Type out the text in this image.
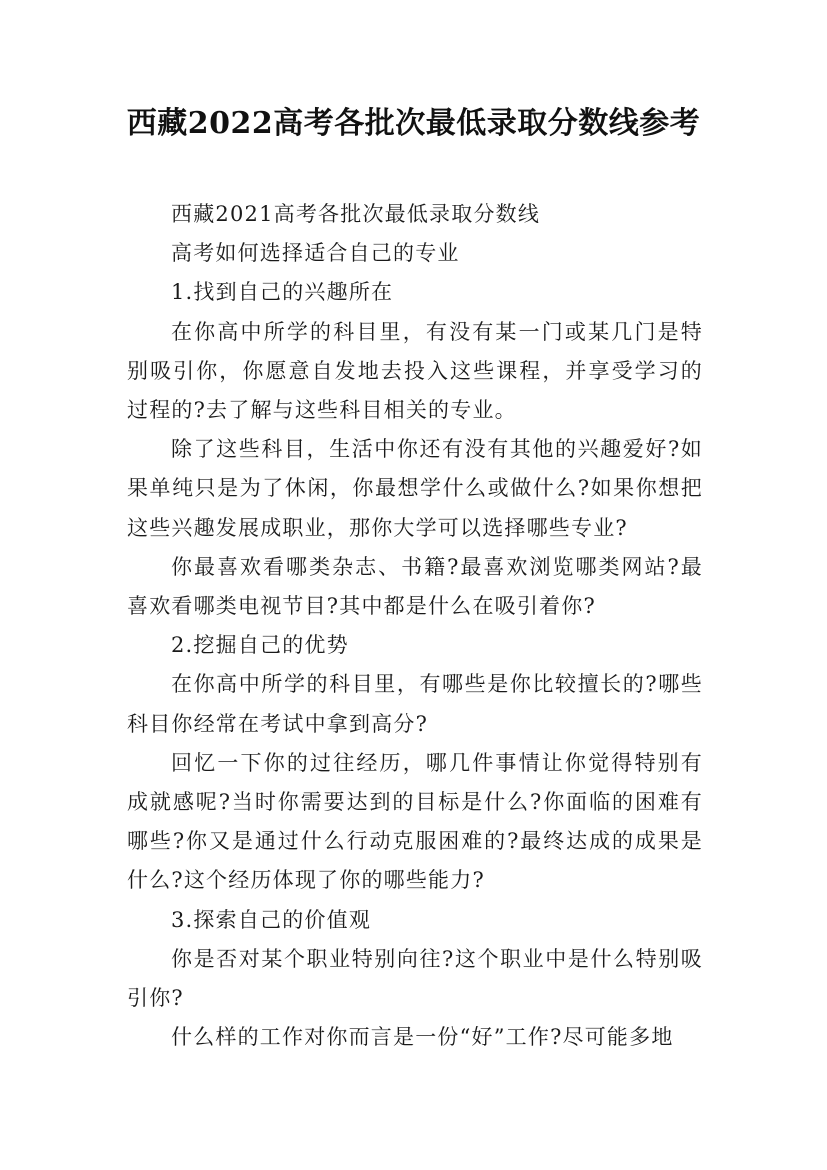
西藏2022高考各批次最低录取分数线参考

西藏2021高考各批次最低录取分数线

高考如何选择适合自己的专业

1.找到自己的兴趣所在

在你高中所学的科目里，有没有某一门或某几门是特别吸引你，你愿意自发地去投入这些课程，并享受学习的过程的?去了解与这些科目相关的专业。

除了这些科目，生活中你还有没有其他的兴趣爱好?如果单纯只是为了休闲，你最想学什么或做什么?如果你想把这些兴趣发展成职业，那你大学可以选择哪些专业?

你最喜欢看哪类杂志、书籍?最喜欢浏览哪类网站?最喜欢看哪类电视节目?其中都是什么在吸引着你?

2.挖掘自己的优势

在你高中所学的科目里，有哪些是你比较擅长的?哪些科目你经常在考试中拿到高分?

回忆一下你的过往经历，哪几件事情让你觉得特别有成就感呢?当时你需要达到的目标是什么?你面临的困难有哪些?你又是通过什么行动克服困难的?最终达成的成果是什么?这个经历体现了你的哪些能力?

3.探索自己的价值观

你是否对某个职业特别向往?这个职业中是什么特别吸引你?

什么样的工作对你而言是一份“好”工作?尽可能多地
